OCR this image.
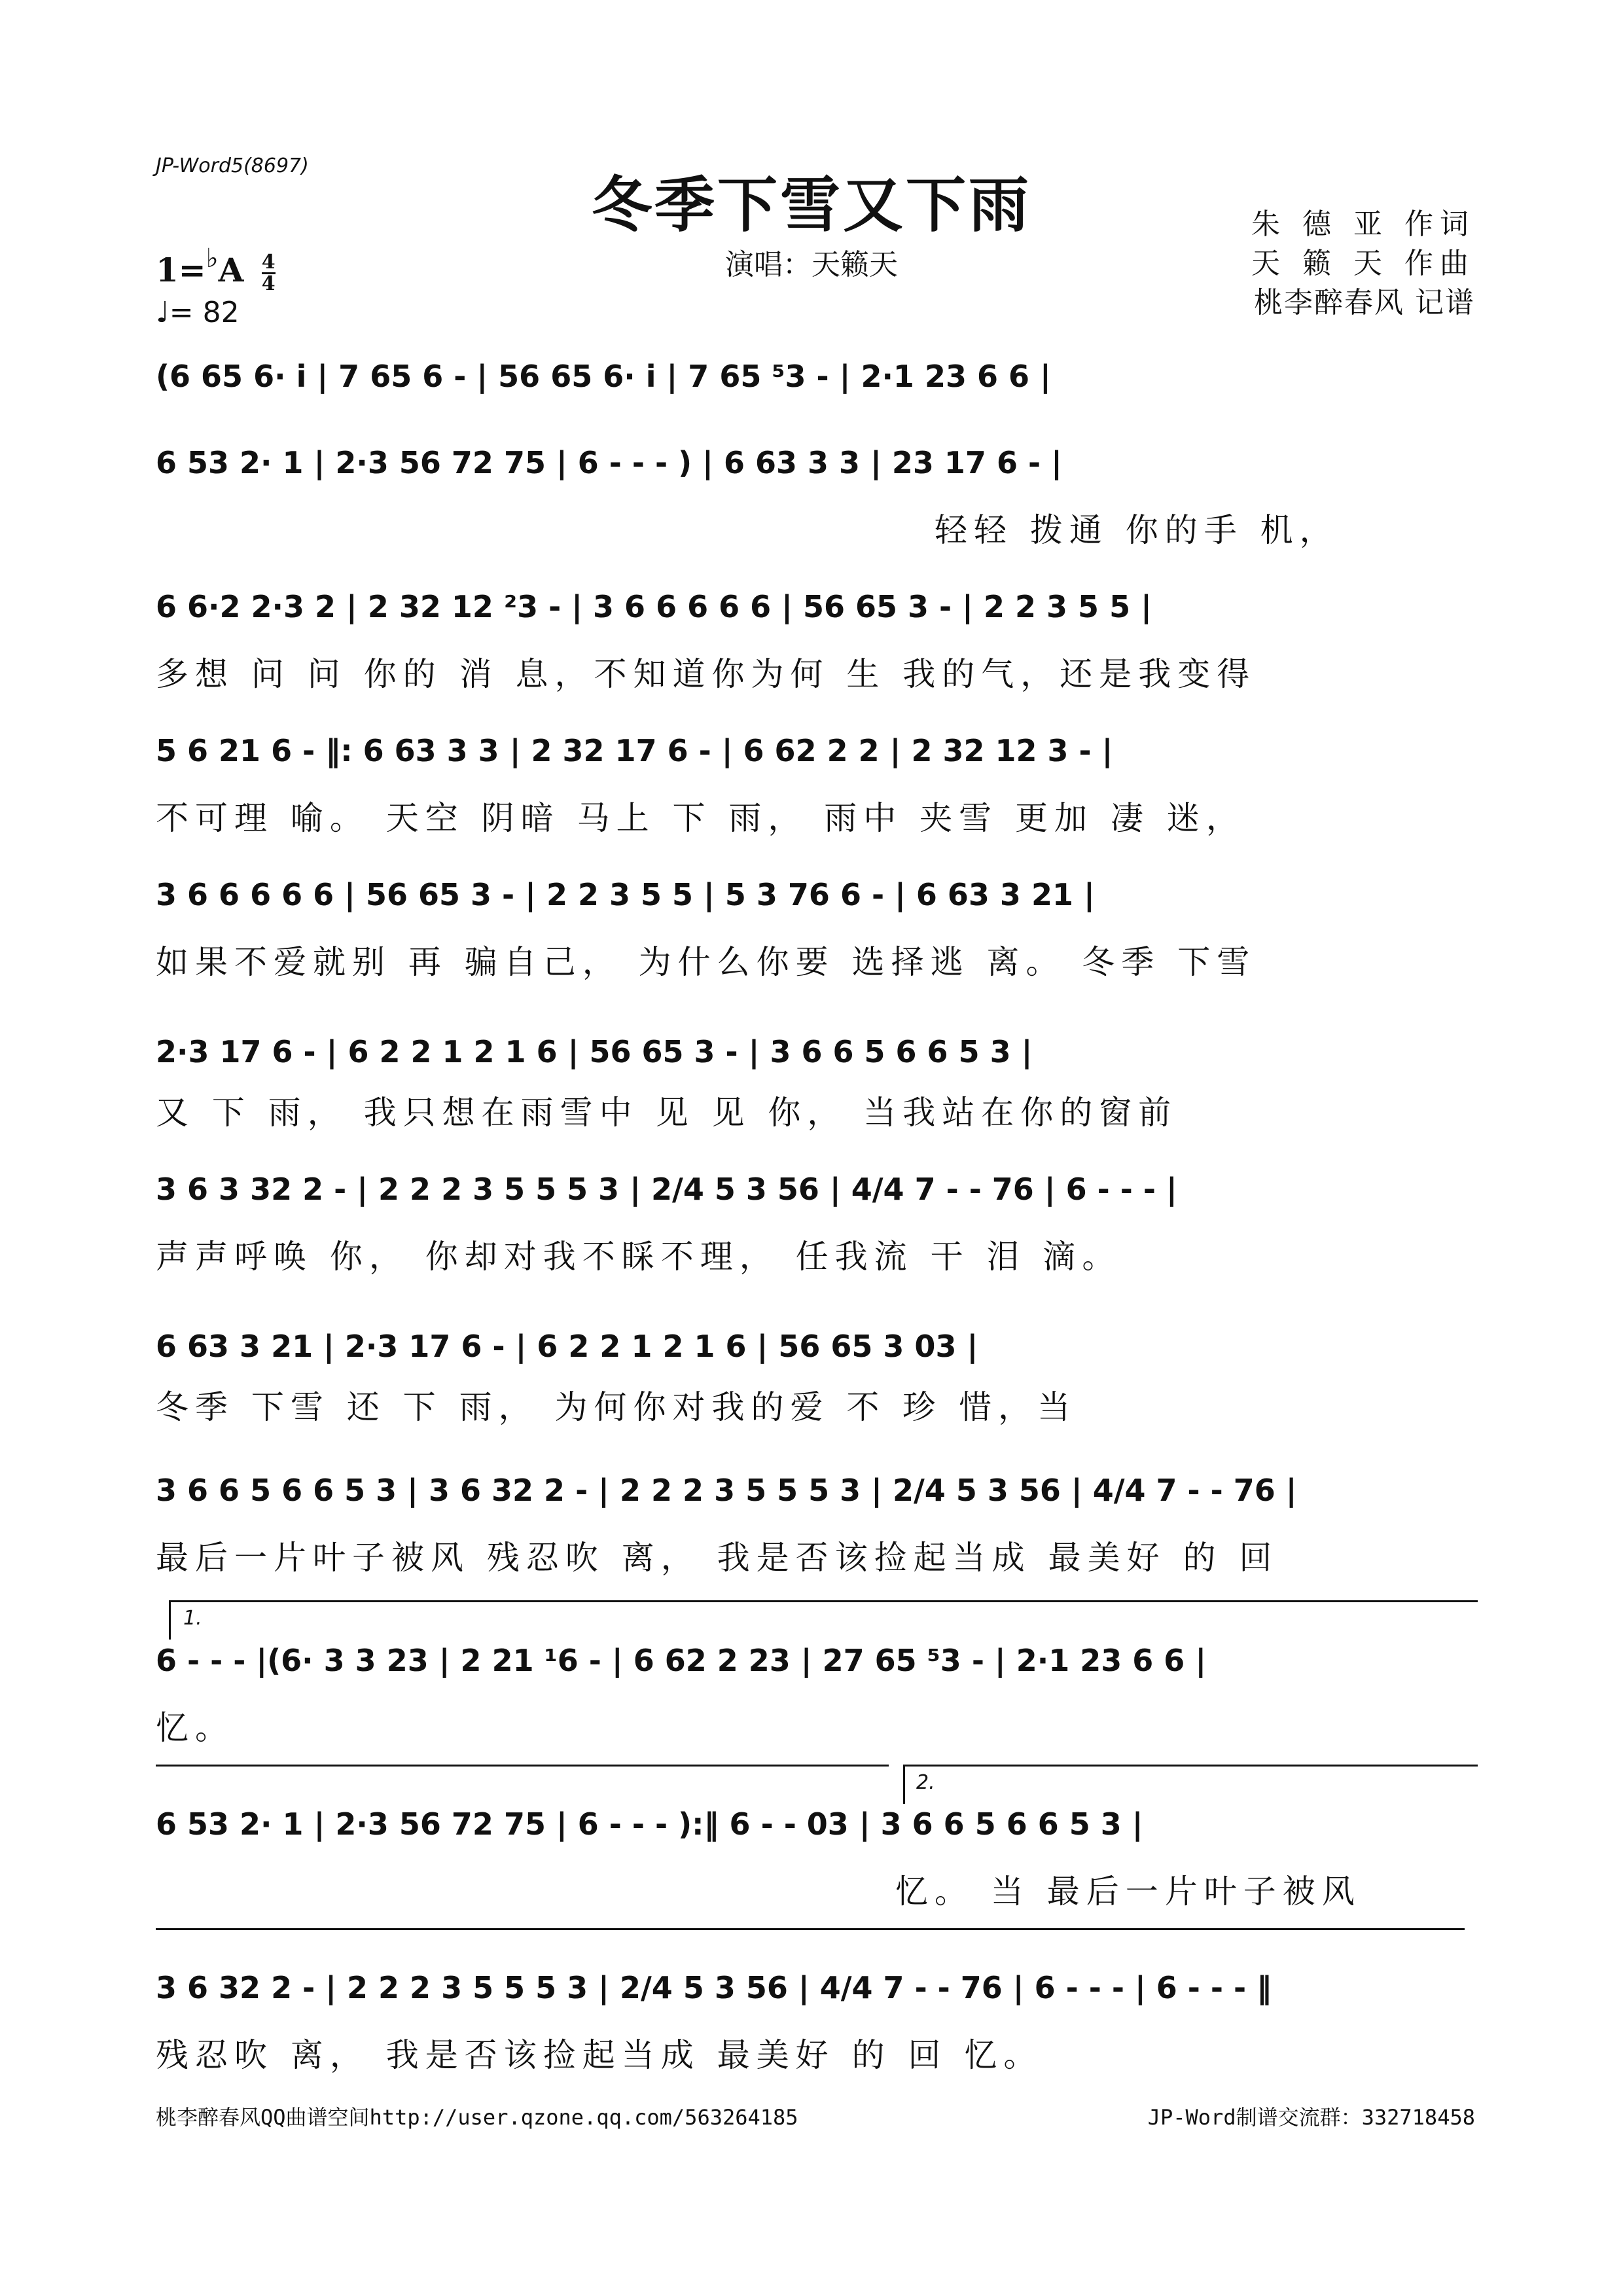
JP-Word5(8697)
冬季下雪又下雨
演唱：天籁天
$1=^♭A \frac{4}{4}$
♩= 82
朱 德 亚 作词
天 籁 天 作曲
桃李醉春风 记谱
(6 65 6· i | 7 65 6 - | 56 65 6· i | 7 65 ⁵3 - | 2·1 23 6 6 |
6 53 2· 1 | 2·3 56 72 75 | 6 - - - ) | 6 63 3 3 | 23 17 6 - |
轻轻 拨通 你的手 机，
6 6·2 2·3 2 | 2 32 12 ²3 - | 3 6 6 6 6 6 | 56 65 3 - | 2 2 3 5 5 |
多想 问 问 你的 消 息，不知道你为何 生 我的气，还是我变得
5 6 21 6 - ‖: 6 63 3 3 | 2 32 17 6 - | 6 62 2 2 | 2 32 12 3 - |
不可理 喻。 天空 阴暗 马上 下 雨， 雨中 夹雪 更加 凄 迷，
3 6 6 6 6 6 | 56 65 3 - | 2 2 3 5 5 | 5 3 76 6 - | 6 63 3 21 |
如果不爱就别 再 骗自己， 为什么你要 选择逃 离。 冬季 下雪
2·3 17 6 - | 6 2 2 1 2 1 6 | 56 65 3 - | 3 6 6 5 6 6 5 3 |
又 下 雨， 我只想在雨雪中 见 见 你， 当我站在你的窗前
3 6 3 32 2 - | 2 2 2 3 5 5 5 3 | 2/4 5 3 56 | 4/4 7 - - 76 | 6 - - - |
声声呼唤 你， 你却对我不睬不理， 任我流 干 泪 滴。
6 63 3 21 | 2·3 17 6 - | 6 2 2 1 2 1 6 | 56 65 3 03 |
冬季 下雪 还 下 雨， 为何你对我的爱 不 珍 惜，当
3 6 6 5 6 6 5 3 | 3 6 32 2 - | 2 2 2 3 5 5 5 3 | 2/4 5 3 56 | 4/4 7 - - 76 |
最后一片叶子被风 残忍吹 离， 我是否该捡起当成 最美好 的 回
1.
6 - - - |(6· 3 3 23 | 2 21 ¹6 - | 6 62 2 23 | 27 65 ⁵3 - | 2·1 23 6 6 |
忆。
2.
6 53 2· 1 | 2·3 56 72 75 | 6 - - - ):‖ 6 - - 03 | 3 6 6 5 6 6 5 3 |
忆。 当 最后一片叶子被风
3 6 32 2 - | 2 2 2 3 5 5 5 3 | 2/4 5 3 56 | 4/4 7 - - 76 | 6 - - - | 6 - - - ‖
残忍吹 离， 我是否该捡起当成 最美好 的 回 忆。
桃李醉春风QQ曲谱空间http://user.qzone.qq.com/563264185	JP-Word制谱交流群：332718458
